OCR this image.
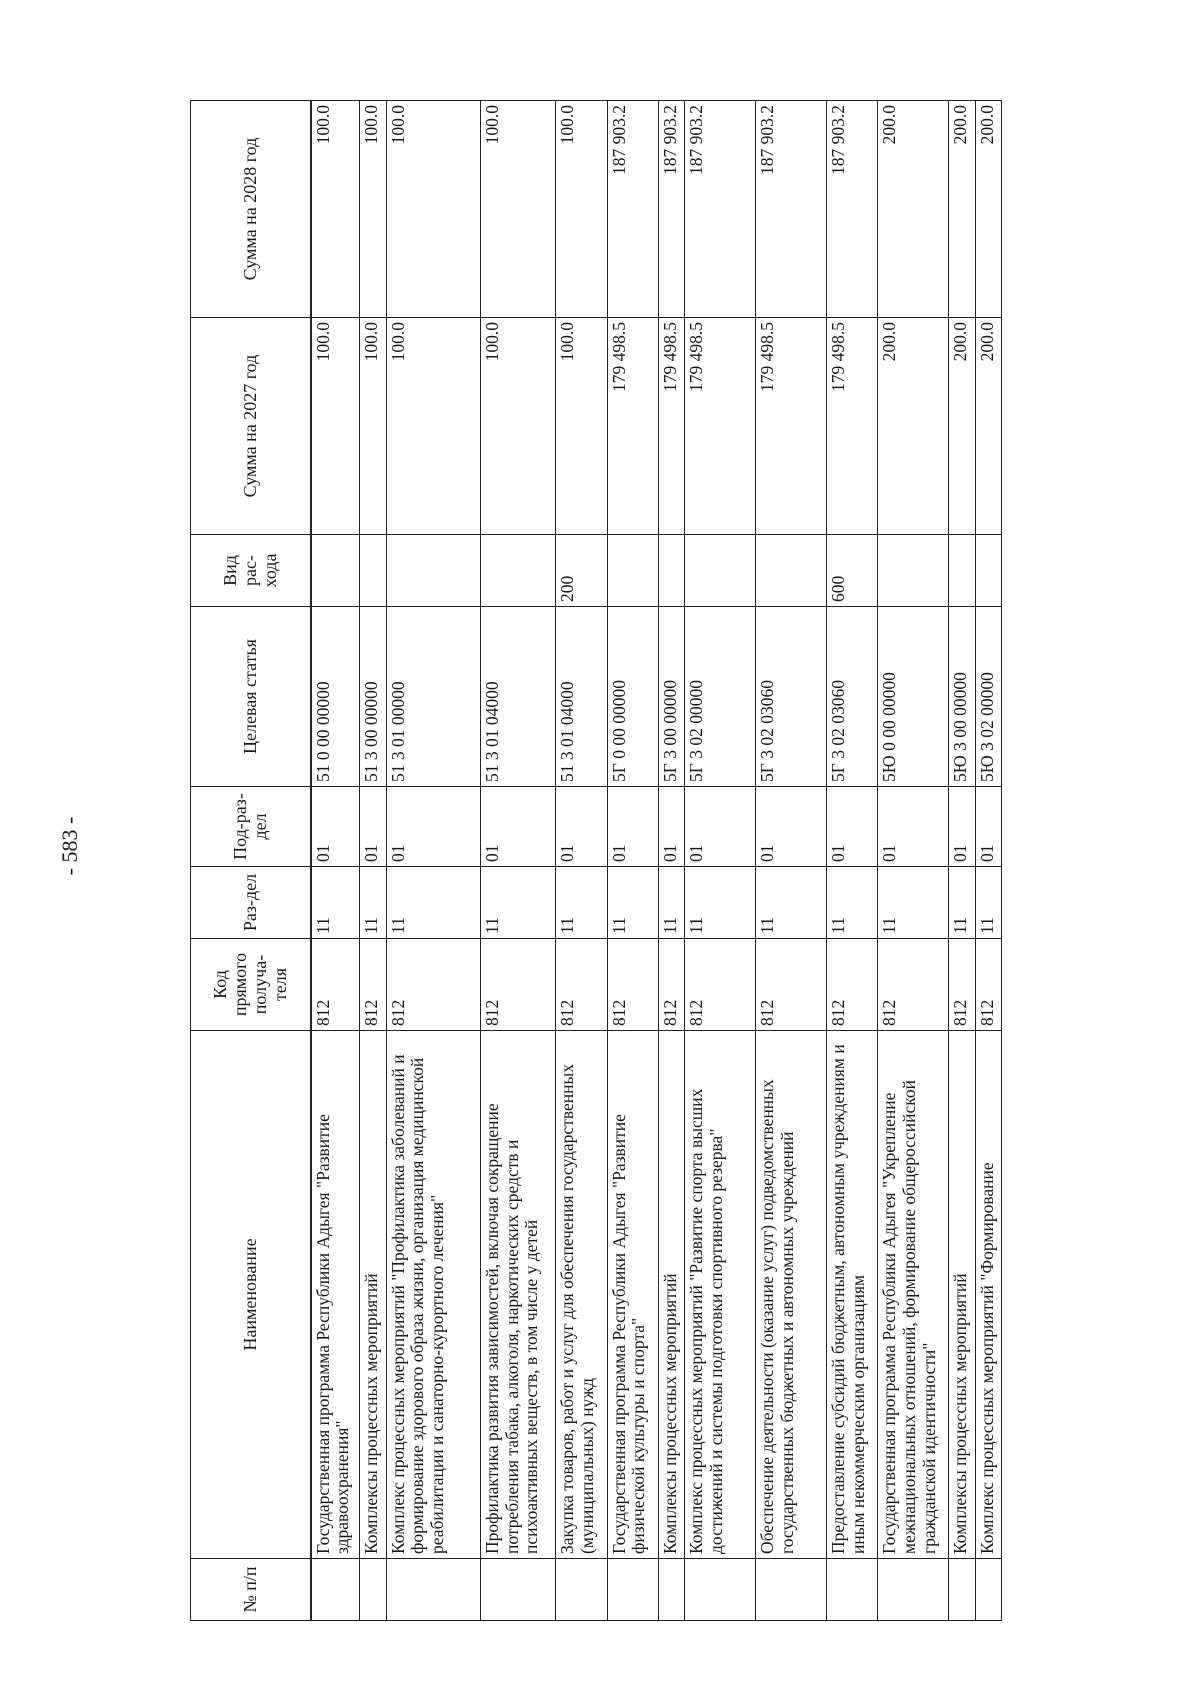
- 583 -
№ п/п	Наименование	Код прямого получа-теля	Раз-дел	Под-раз-дел	Целевая статья	Вид рас-хода	Сумма на 2027 год	Сумма на 2028 год
	Государственная программа Республики Адыгея "Развитие здравоохранения"	812	11	01	51 0 00 00000		100.0	100.0
	Комплексы процессных мероприятий	812	11	01	51 3 00 00000		100.0	100.0
	Комплекс процессных мероприятий "Профилактика заболеваний и формирование здорового образа жизни, организация медицинской реабилитации и санаторно-курортного лечения"	812	11	01	51 3 01 00000		100.0	100.0
	Профилактика развития зависимостей, включая сокращение потребления табака, алкоголя, наркотических средств и психоактивных веществ, в том числе у детей	812	11	01	51 3 01 04000		100.0	100.0
	Закупка товаров, работ и услуг для обеспечения государственных (муниципальных) нужд	812	11	01	51 3 01 04000	200	100.0	100.0
	Государственная программа Республики Адыгея "Развитие физической культуры и спорта"	812	11	01	5Г 0 00 00000		179 498.5	187 903.2
	Комплексы процессных мероприятий	812	11	01	5Г 3 00 00000		179 498.5	187 903.2
	Комплекс процессных мероприятий "Развитие спорта высших достижений и системы подготовки спортивного резерва"	812	11	01	5Г 3 02 00000		179 498.5	187 903.2
	Обеспечение деятельности (оказание услуг) подведомственных государственных бюджетных и автономных учреждений	812	11	01	5Г 3 02 03060		179 498.5	187 903.2
	Предоставление субсидий бюджетным, автономным учреждениям и иным некоммерческим организациям	812	11	01	5Г 3 02 03060	600	179 498.5	187 903.2
	Государственная программа Республики Адыгея "Укрепление межнациональных отношений, формирование общероссийской гражданской идентичности"	812	11	01	5Ю 0 00 00000		200.0	200.0
	Комплексы процессных мероприятий	812	11	01	5Ю 3 00 00000		200.0	200.0
	Комплекс процессных мероприятий "Формирование	812	11	01	5Ю 3 02 00000		200.0	200.0
